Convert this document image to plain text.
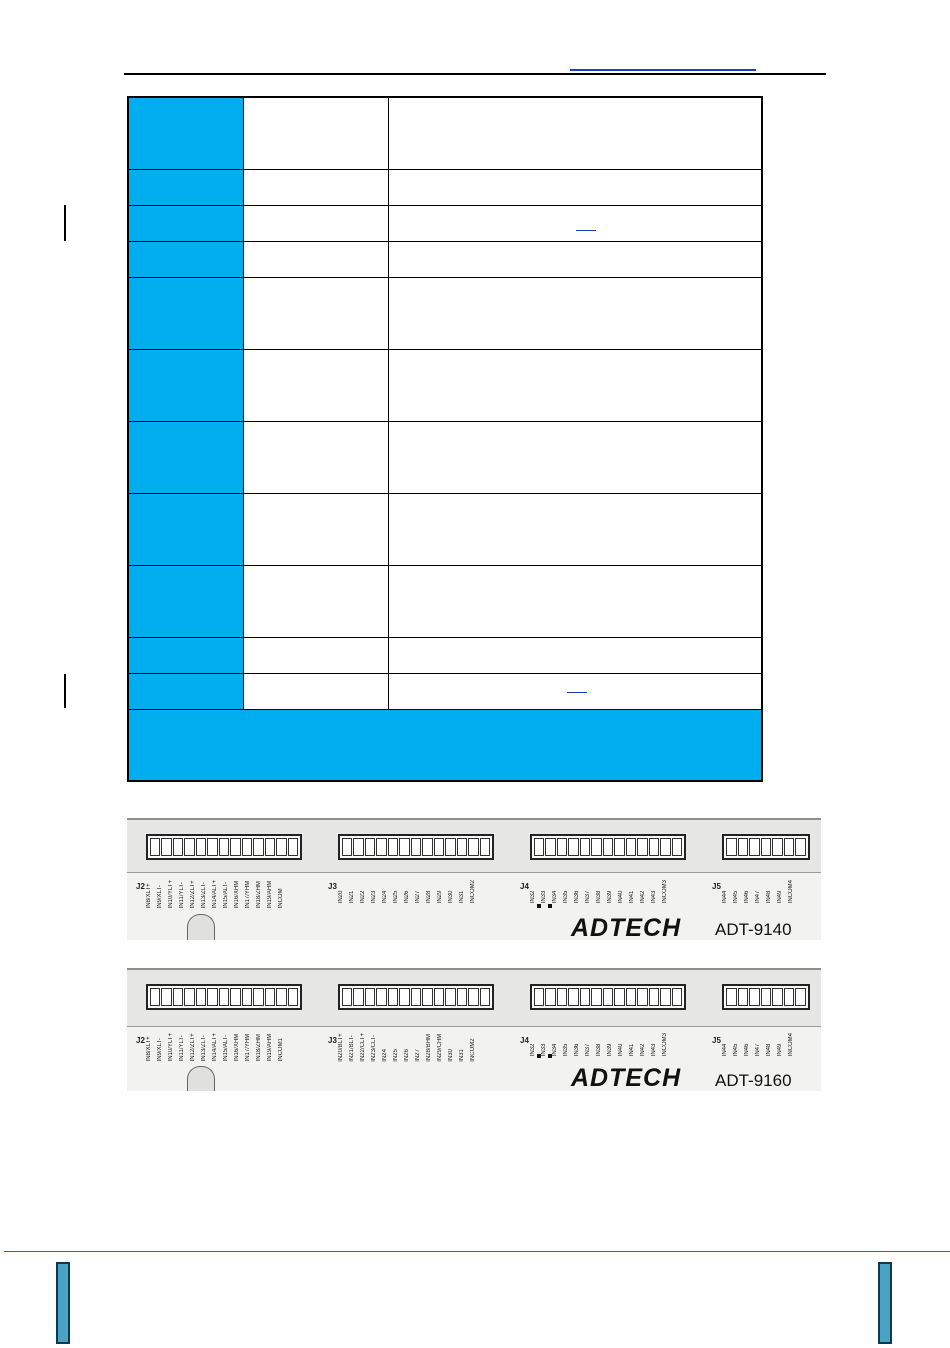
J2	J3	J4	J5
IN8/XLT+ IN9/XLT- IN10/YLT+ IN11/YLT- IN12/ZLT+ IN13/ZLT- IN14/ALT+ IN15/ALT- IN16/XHM IN17/YHM IN18/ZHM IN19/AHM INCOM	IN20 IN21 IN22 IN23 IN24 IN25 IN26 IN27 IN28 IN29 IN30 IN31 INCOM2	IN32 IN33 IN34 IN35 IN36 IN37 IN38 IN39 IN40 IN41 IN42 IN43 INCOM3	IN44 IN45 IN46 IN47 IN48 IN49 INCOM4
ADTECH ADT-9140
J2	J3	J4	J5
IN8/XLT+ IN9/XLT- IN10/YLT+ IN11/YLT- IN12/ZLT+ IN13/ZLT- IN14/ALT+ IN15/ALT- IN16/XHM IN17/YHM IN18/ZHM IN19/AHM INCOM1	IN20/BLT+ IN21/BLT- IN22/CLT+ IN23/CLT- IN24 IN25 IN26 IN27 IN28/BHM IN29/CHM IN30 IN31 INCOM2	IN32 IN33 IN34 IN35 IN36 IN37 IN38 IN39 IN40 IN41 IN42 IN43 INCOM3	IN44 IN45 IN46 IN47 IN48 IN49 INCOM4
ADTECH ADT-9160
